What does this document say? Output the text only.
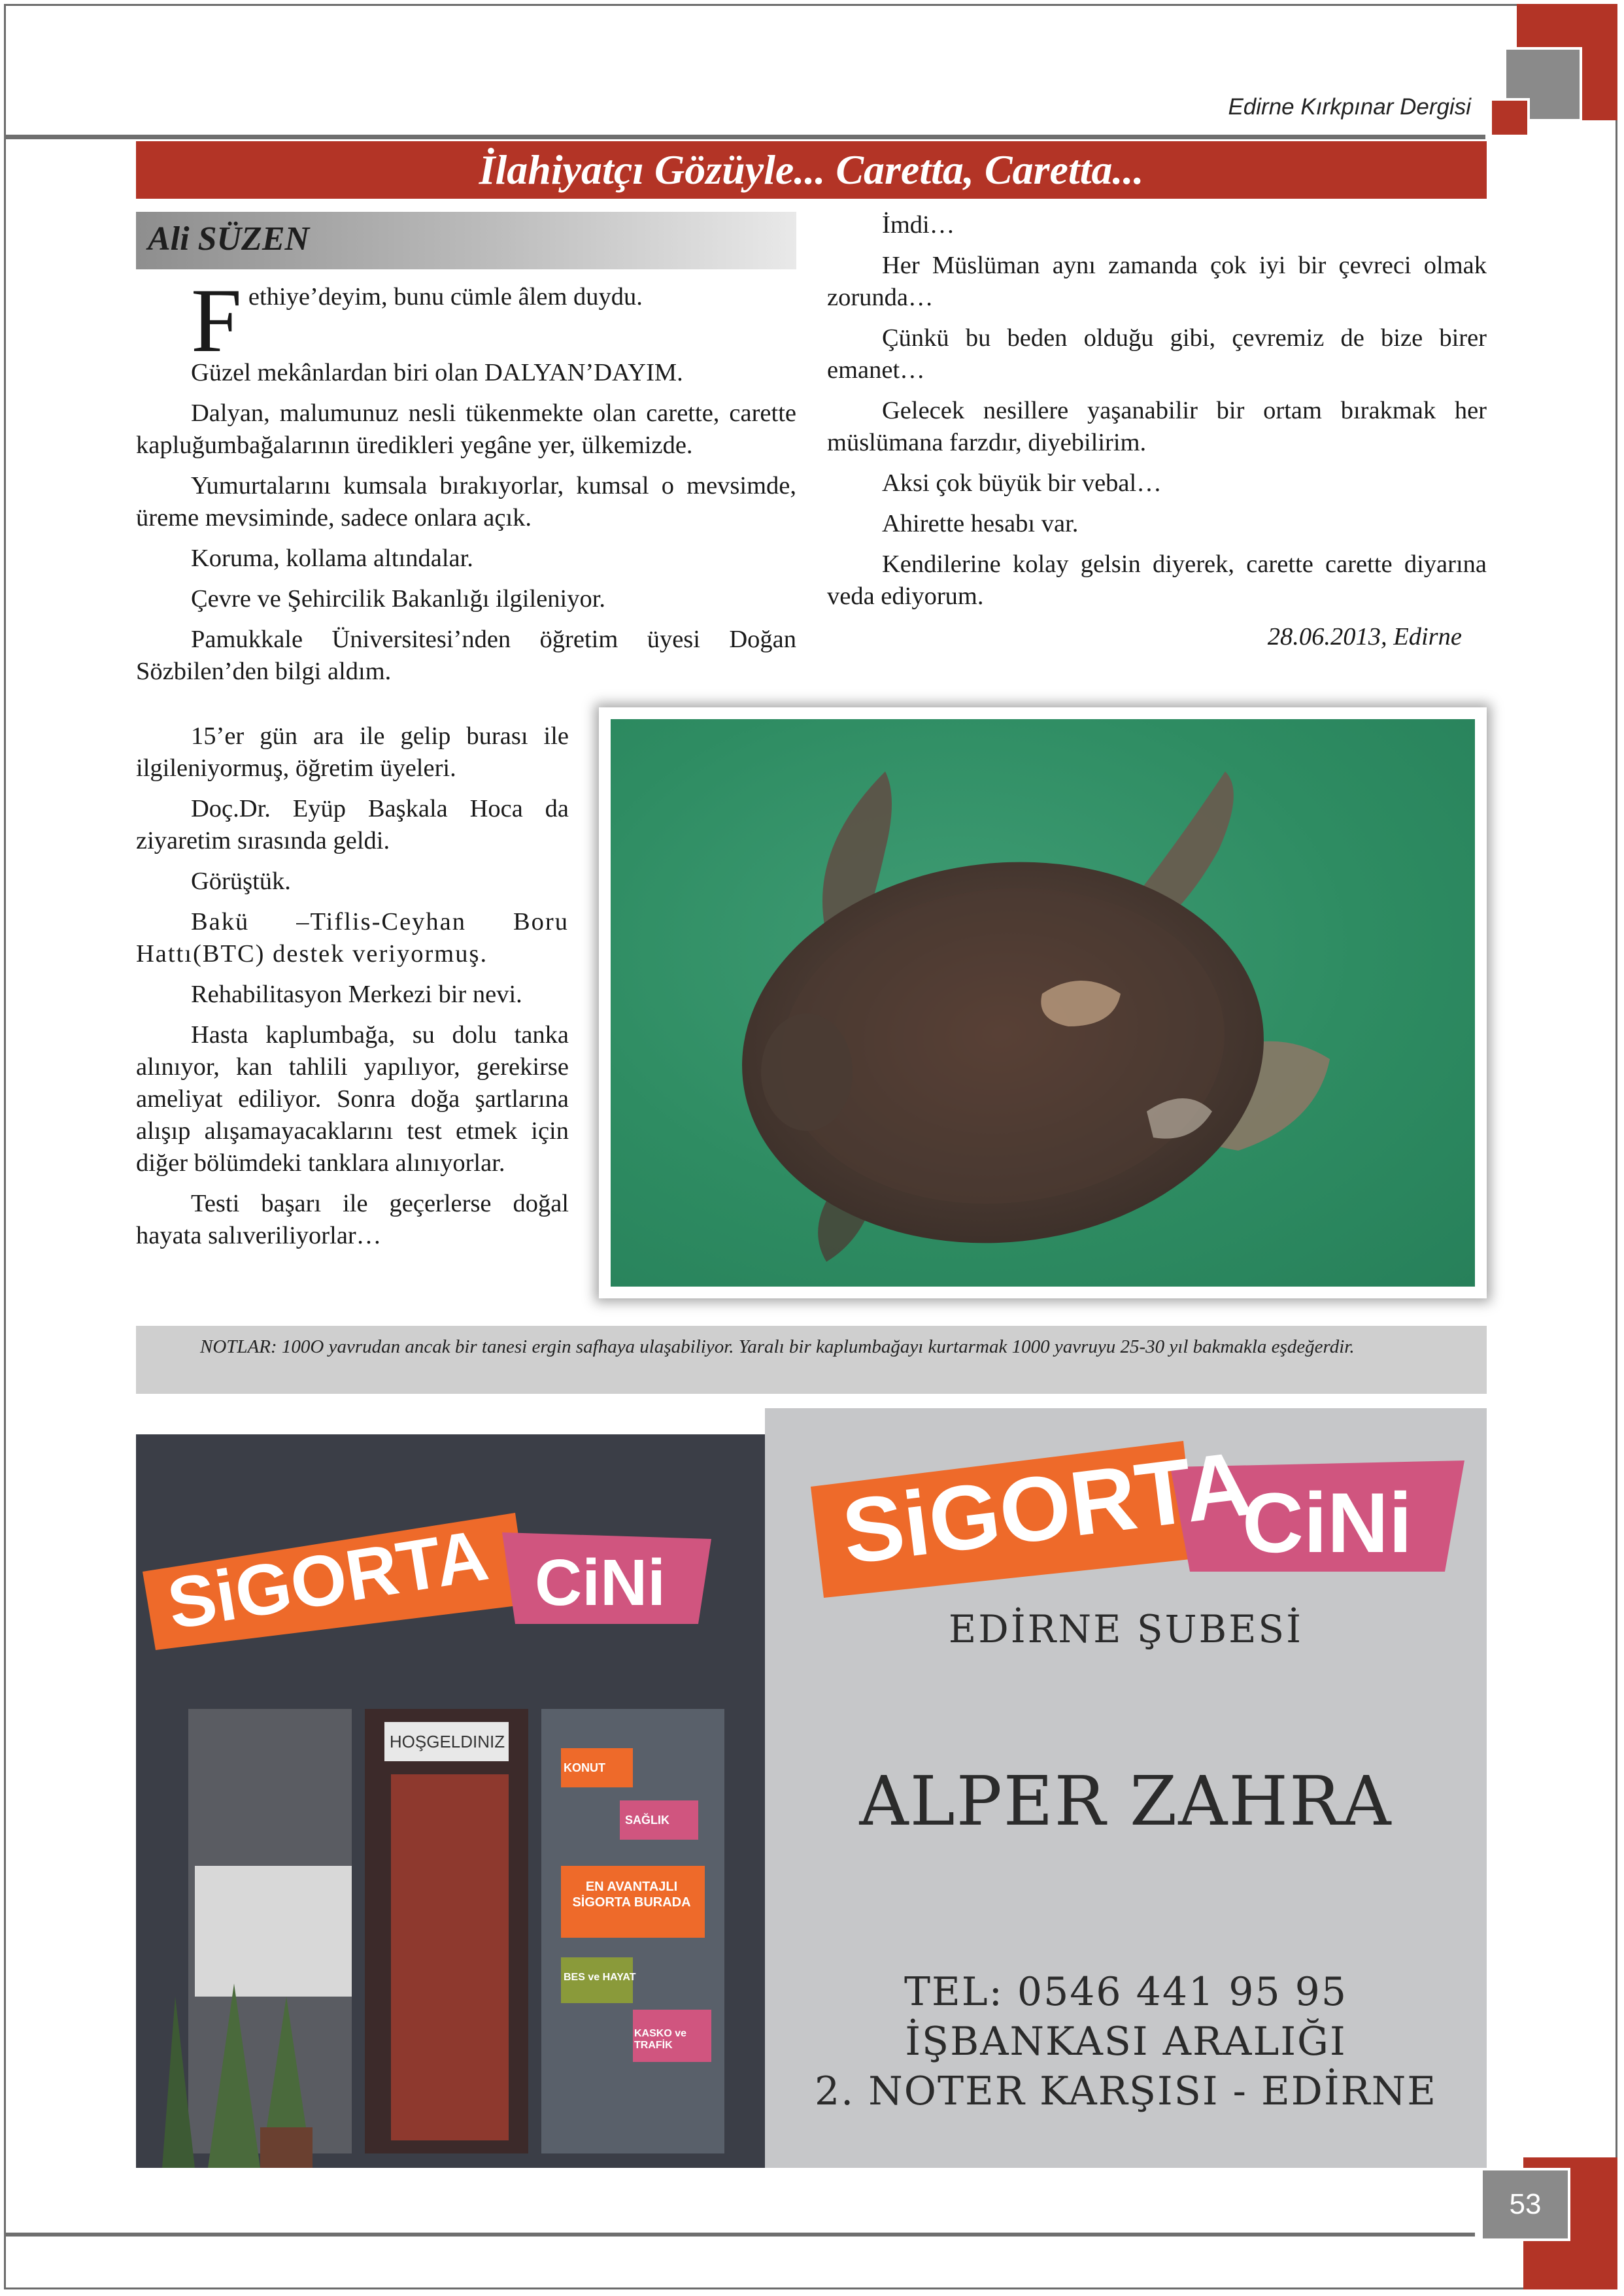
Edirne Kırkpınar Dergisi
İlahiyatçı Gözüyle... Caretta, Caretta...
Ali SÜZEN

Fethiye’deyim, bunu cümle âlem duydu.

Güzel mekânlardan biri olan DALYAN’DAYIM.

Dalyan, malumunuz nesli tükenmekte olan carette, carette kapluğumbağalarının üredikleri yegâne yer, ülkemizde.

Yumurtalarını kumsala bırakıyorlar, kumsal o mevsimde, üreme mevsiminde, sadece onlara açık.

Koruma, kollama altındalar.

Çevre ve Şehircilik Bakanlığı ilgileniyor.

Pamukkale Üniversitesi’nden öğretim üyesi Doğan Sözbilen’den bilgi aldım.

15’er gün ara ile gelip burası ile ilgileniyormuş, öğretim üyeleri.

Doç.Dr. Eyüp Başkala Hoca da ziyaretim sırasında geldi.

Görüştük.

Bakü –Tiflis-Ceyhan Boru Hattı(BTC) destek veriyormuş.

Rehabilitasyon Merkezi bir nevi.

Hasta kaplumbağa, su dolu tanka alınıyor, kan tahlili yapılıyor, gerekirse ameliyat ediliyor. Sonra doğa şartlarına alışıp alışamayacaklarını test etmek için diğer bölümdeki tanklara alınıyorlar.

Testi başarı ile geçerlerse doğal hayata salıveriliyorlar…

İmdi…

Her Müslüman aynı zamanda çok iyi bir çevreci olmak zorunda…

Çünkü bu beden olduğu gibi, çevremiz de bize birer emanet…

Gelecek nesillere yaşanabilir bir ortam bırakmak her müslümana farzdır, diyebilirim.

Aksi çok büyük bir vebal…

Ahirette hesabı var.

Kendilerine kolay gelsin diyerek, carette carette diyarına veda ediyorum.

28.06.2013, Edirne

NOTLAR: 100O yavrudan ancak bir tanesi ergin safhaya ulaşabiliyor. Yaralı bir kaplumbağayı kurtarmak 1000 yavruyu 25-30 yıl bakmakla eşdeğerdir.
SiGORTA CiNi
HOŞGELDINIZ
KONUT
SAĞLIK
EN AVANTAJLI SİGORTA BURADA
BES ve HAYAT
KASKO ve TRAFİK
SiGORTA
CiNi
EDİRNE ŞUBESİ
ALPER ZAHRA
TEL: 0546 441 95 95
İŞBANKASI ARALIĞI
2. NOTER KARŞISI - EDİRNE
53
